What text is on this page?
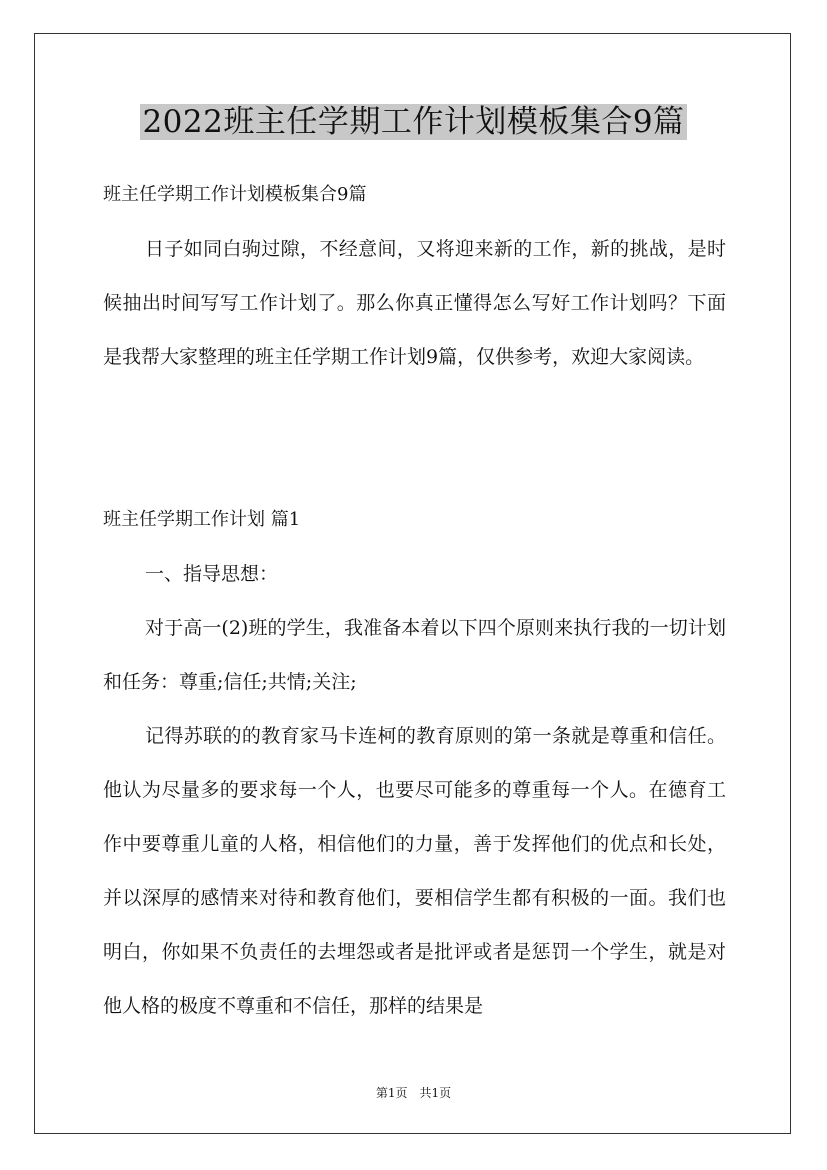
2022班主任学期工作计划模板集合9篇

班主任学期工作计划模板集合9篇

日子如同白驹过隙，不经意间，又将迎来新的工作，新的挑战，是时候抽出时间写写工作计划了。那么你真正懂得怎么写好工作计划吗？下面是我帮大家整理的班主任学期工作计划9篇，仅供参考，欢迎大家阅读。

班主任学期工作计划 篇1

一、指导思想：

对于高一(2)班的学生，我准备本着以下四个原则来执行我的一切计划和任务：尊重;信任;共情;关注;

记得苏联的的教育家马卡连柯的教育原则的第一条就是尊重和信任。他认为尽量多的要求每一个人，也要尽可能多的尊重每一个人。在德育工作中要尊重儿童的人格，相信他们的力量，善于发挥他们的优点和长处，并以深厚的感情来对待和教育他们，要相信学生都有积极的一面。我们也明白，你如果不负责任的去埋怨或者是批评或者是惩罚一个学生，就是对他人格的极度不尊重和不信任，那样的结果是

第1页　共1页
